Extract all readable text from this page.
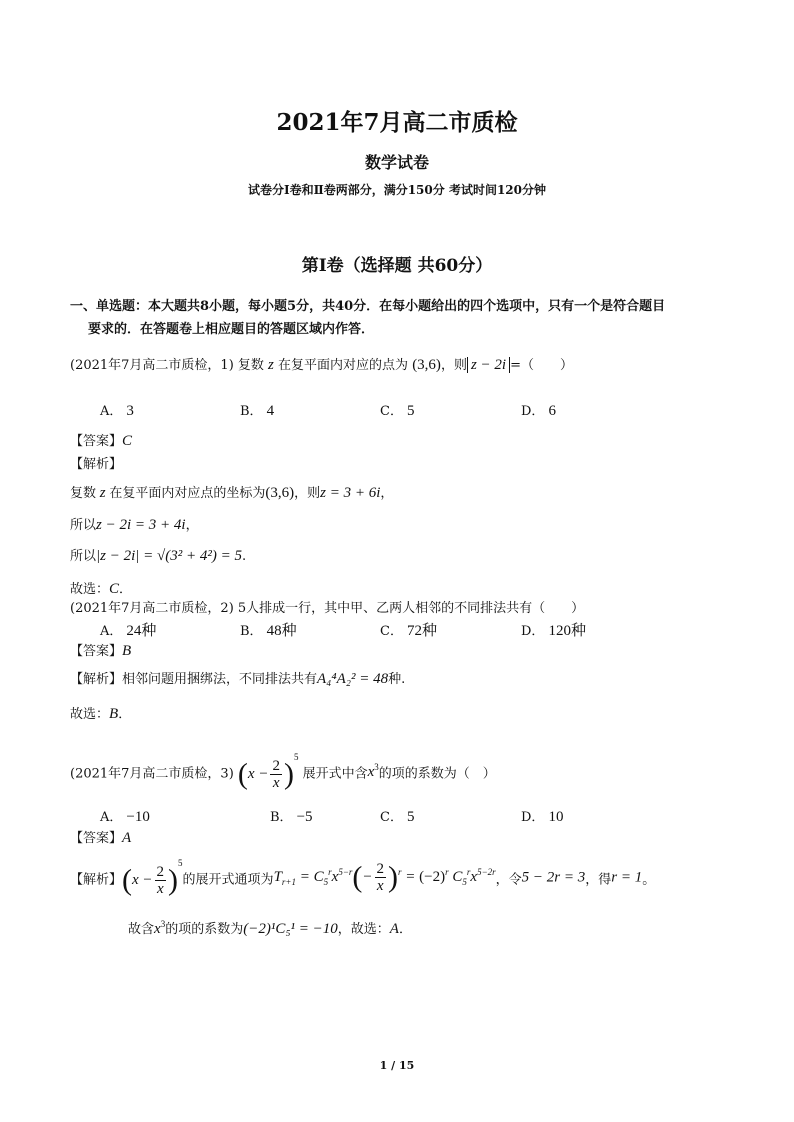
2021年7月高二市质检
数学试卷
试卷分Ⅰ卷和Ⅱ卷两部分，满分150分 考试时间120分钟
第Ⅰ卷（选择题 共60分）
一、单选题：本大题共8小题，每小题5分，共40分．在每小题给出的四个选项中，只有一个是符合题目
要求的．在答题卷上相应题目的答题区域内作答．
(2021年7月高二市质检，1) 复数 z 在复平面内对应的点为 (3,6)，则 z − 2i =（　　）
A． 3	B． 4	C． 5	D． 6
【答案】C
【解析】
复数 z 在复平面内对应点的坐标为(3,6)，则z = 3 + 6i，
所以z − 2i = 3 + 4i，
所以|z − 2i| = √(3² + 4²) = 5.
故选：C．
(2021年7月高二市质检，2) 5人排成一行，其中甲、乙两人相邻的不同排法共有（　　）
A． 24种	B． 48种	C． 72种	D． 120种
【答案】B
【解析】相邻问题用捆绑法，不同排法共有A₄⁴A₂² = 48种.
故选：B．
(2021年7月高二市质检，3) $(x - \frac{2}{x} )^5$ 展开式中含$x^3$的项的系数为（　）
A． −10	B． −5	C． 5	D． 10
【答案】A
【解析】$(x - \frac{2}{x} )^5$的展开式通项为$T_{r+1} = C_5^rx^{5-r}(- \frac{2}{x} )^r = (-2)^r$ $C_5^rx^{5-2r}$，令5 − 2r = 3，得r = 1。
故含$x^3$的项的系数为(−2)¹C₅¹ = −10，故选：A．
1 / 15
